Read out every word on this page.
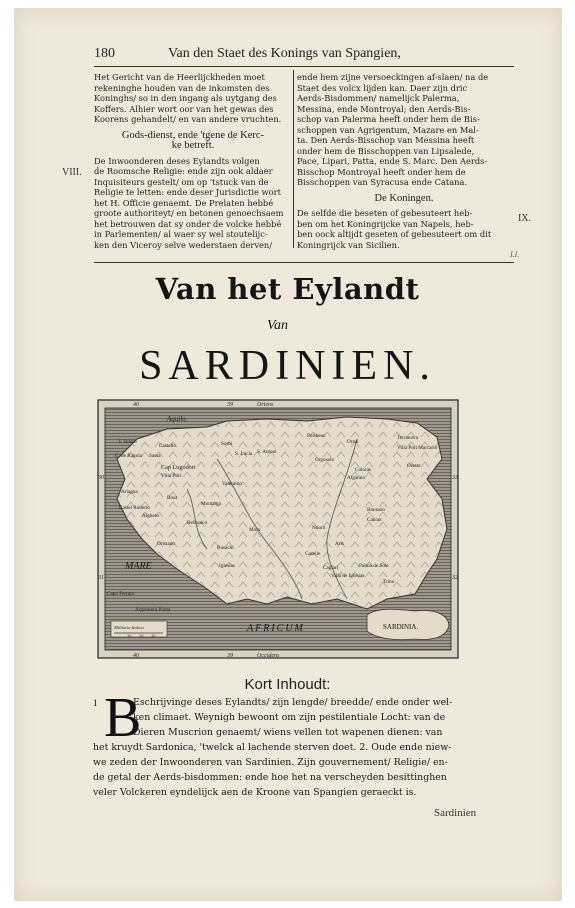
180	Van den Staet des Konings van Spangien,

Het Gericht van de Heerlijckheden moet

rekeninghe houden van de inkomsten des

Koninghs/ so in den ingang als uytgang des

Koffers. Alhier wort oor van het gewas des

Koorens gehandelt/ en van andere vruchten.

Gods-dienst, ende 'tgene de Kerc-
ke betreft.

De Inwoonderen deses Eylandts volgen

de Roomsche Religie: ende zijn ook aldaer

Inquisiteurs gestelt/ om op 'tstuck van de

Religie te letten: ende deser Jurisdictie wort

het H. Officie genaemt. De Prelaten hebbé

groote authoriteyt/ en betonen genoechsaem

het betrouwen dat sy onder de volcke hebbé

in Parlementen/ al waer sy wel stoutelijc-

ken den Viceroy selve wederstaen derven/

ende hem zijne versoeckingen af-slaen/ na de

Staet des volcx lijden kan. Daer zijn dric

Aerds-Bisdommen/ namelijck Palerma,

Messina, ende Montroyal; den Aerds-Bis-

schop van Palerma heeft onder hem de Bis-

schoppen van Agrigentum, Mazare en Mal-

ta. Den Aerds-Bisschop van Messina heeft

onder hem de Bisschoppen van Lipsalede,

Pace, Lipari, Patta, ende S. Marc. Den Aerds-

Bisschop Montroyal heeft onder hem de

Bisschoppen van Syracusa ende Catana.

De Koningen.

De selfde die beseten of gebesuteert heb-

ben om het Koningrijcke van Napels, heb-

ben oock altijdt geseten of gebesuteert om dit

Koningrijck van Sicilien.

VIII.
IX.
I.I.
Van het Eylandt
Van
SARDINIEN.
Oriens
Occidens
Aquilo
40	39
40	39
30
31
33
32
I. Tolaro
Castello
Sassa
C. de Ragola
Cap Lugodori
Villa Pitri
Sorbi
S. Lucia S. Antoni
Portheus
Orosi
Terranova
Orgosolo
Villa Port Marcario
Coloras
Algarata
Oreste
Bosa
Valentino
Montarga
Ariagna
Alghero
Mora
Castel Ruberto
Bellonico
Oristano
Busachi
Aris
Bonnaro
Nuoro
Palma de Sole
Caglari
Villa de Iglesias
Iglesias
Caselle
Cabras
Capo Ferraro
Argentiera Punta
Trino
MARE
AFRICUM
Milliaria Italica
10 20 30
SARDINIA.
Kort Inhoudt:
1 B

Eschrijvinge deses Eylandts/ zijn lengde/ breedde/ ende onder wel-

ken climaet. Weynigh bewoont om zijn pestilentiale Locht: van de

Dieren Muscrion genaemt/ wiens vellen tot wapenen dienen: van

het kruydt Sardonica, 'twelck al lachende sterven doet. 2. Oude ende niew-

we zeden der Inwoonderen van Sardinien. Zijn gouvernement/ Religie/ en-

de getal der Aerds-bisdommen: ende hoe het na verscheyden besittinghen

veler Volckeren eyndelijck aen de Kroone van Spangien geraeckt is.

Sardinien
